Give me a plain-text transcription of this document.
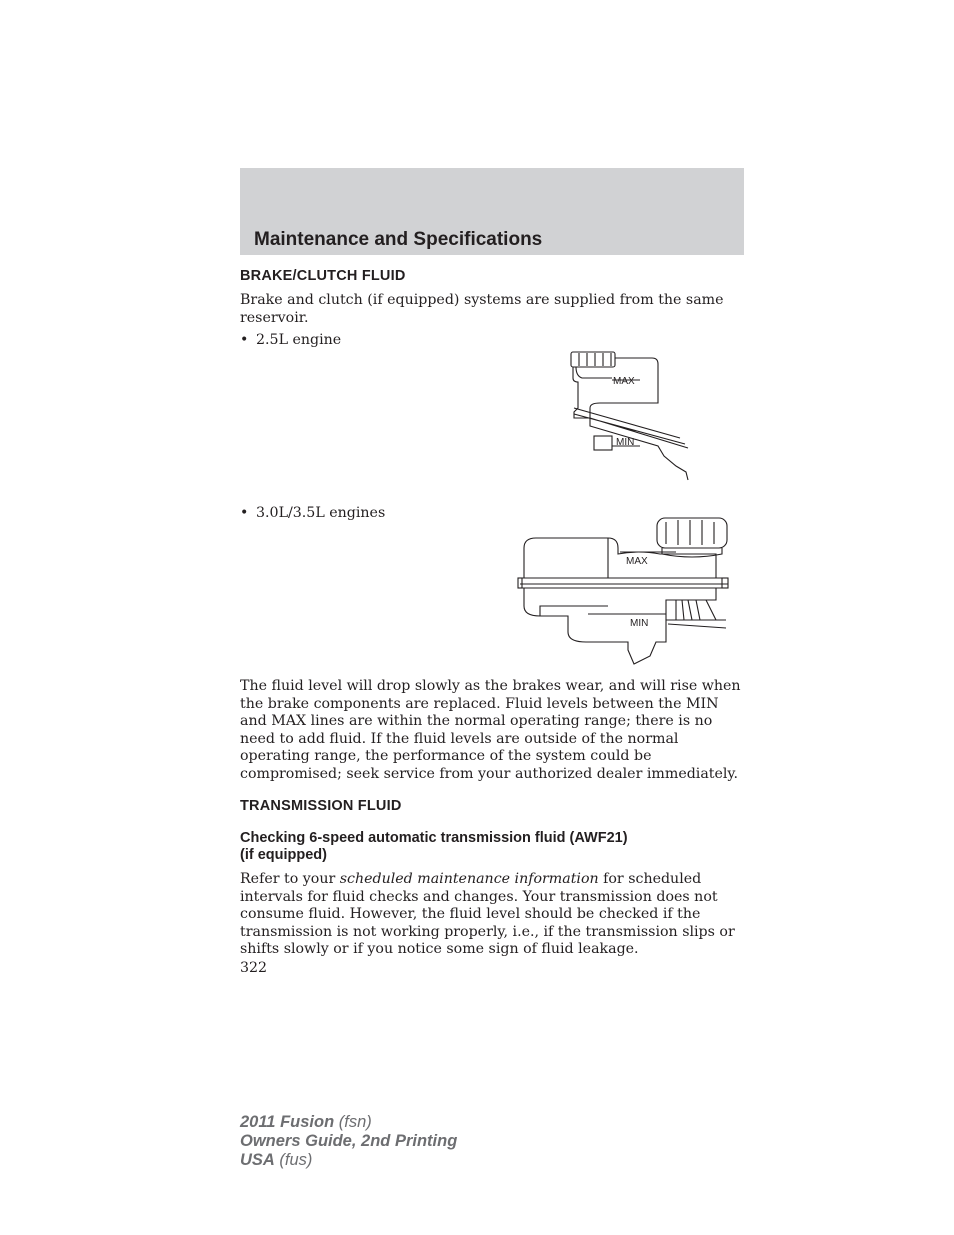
Maintenance and Specifications
BRAKE/CLUTCH FLUID

Brake and clutch (if equipped) systems are supplied from the same reservoir.

• 2.5L engine

MAX
MIN

• 3.0L/3.5L engines

MAX
MIN

The fluid level will drop slowly as the brakes wear, and will rise when the brake components are replaced. Fluid levels between the MIN and MAX lines are within the normal operating range; there is no need to add fluid. If the fluid levels are outside of the normal operating range, the performance of the system could be compromised; seek service from your authorized dealer immediately.

TRANSMISSION FLUID
Checking 6-speed automatic transmission fluid (AWF21)
(if equipped)

Refer to your scheduled maintenance information for scheduled intervals for fluid checks and changes. Your transmission does not consume fluid. However, the fluid level should be checked if the transmission is not working properly, i.e., if the transmission slips or shifts slowly or if you notice some sign of fluid leakage.

322

2011 Fusion (fsn)
Owners Guide, 2nd Printing
USA (fus)
